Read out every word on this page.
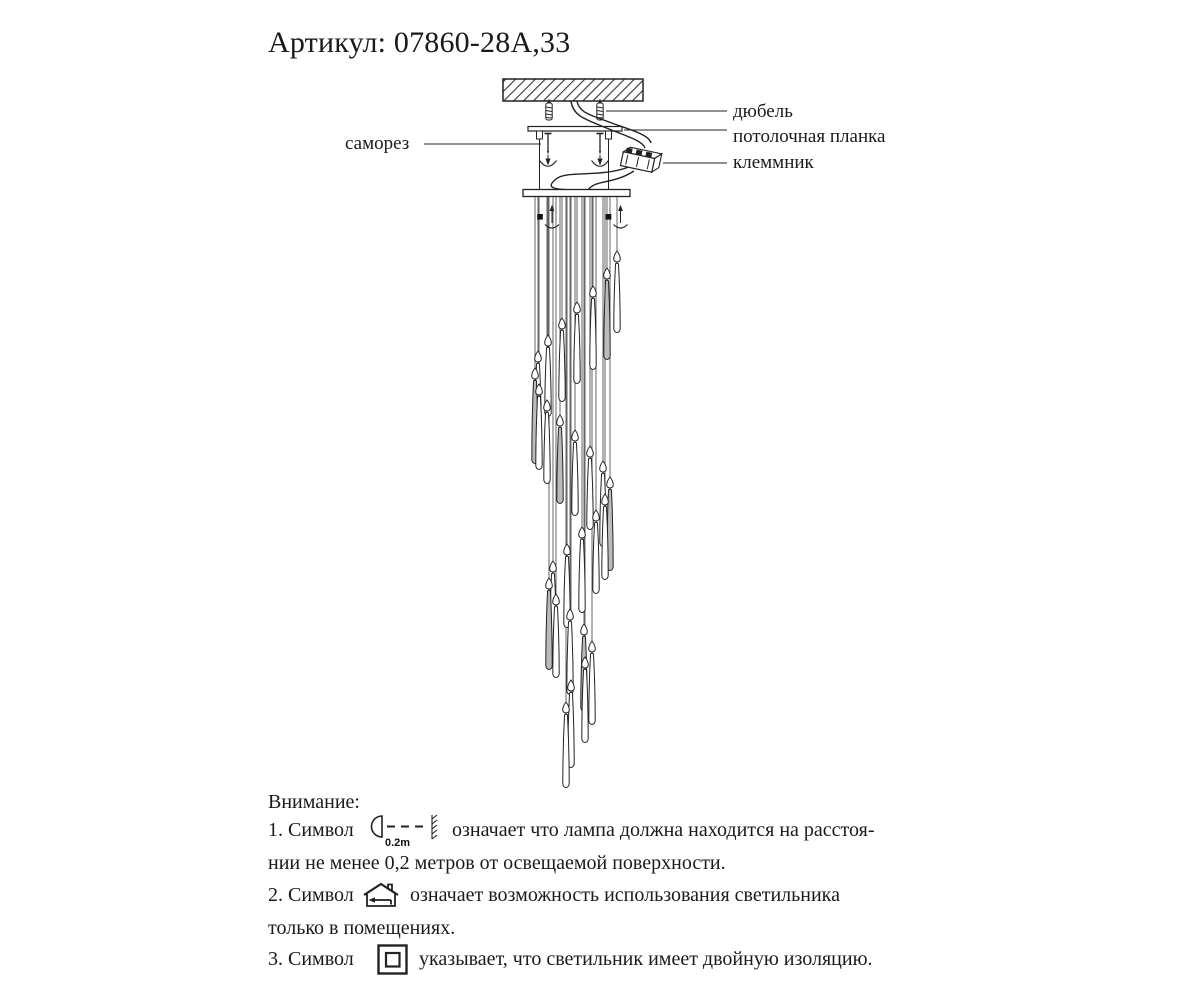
Артикул: 07860-28A,33
саморез
дюбель
потолочная планка
клеммник
Внимание:
1. Символ
0.2m
означает что лампа должна находится на расстоя-
нии не менее 0,2 метров от освещаемой поверхности.
2. Символ	означает возможность использования светильника
только в помещениях.
3. Символ	указывает, что светильник имеет двойную изоляцию.
